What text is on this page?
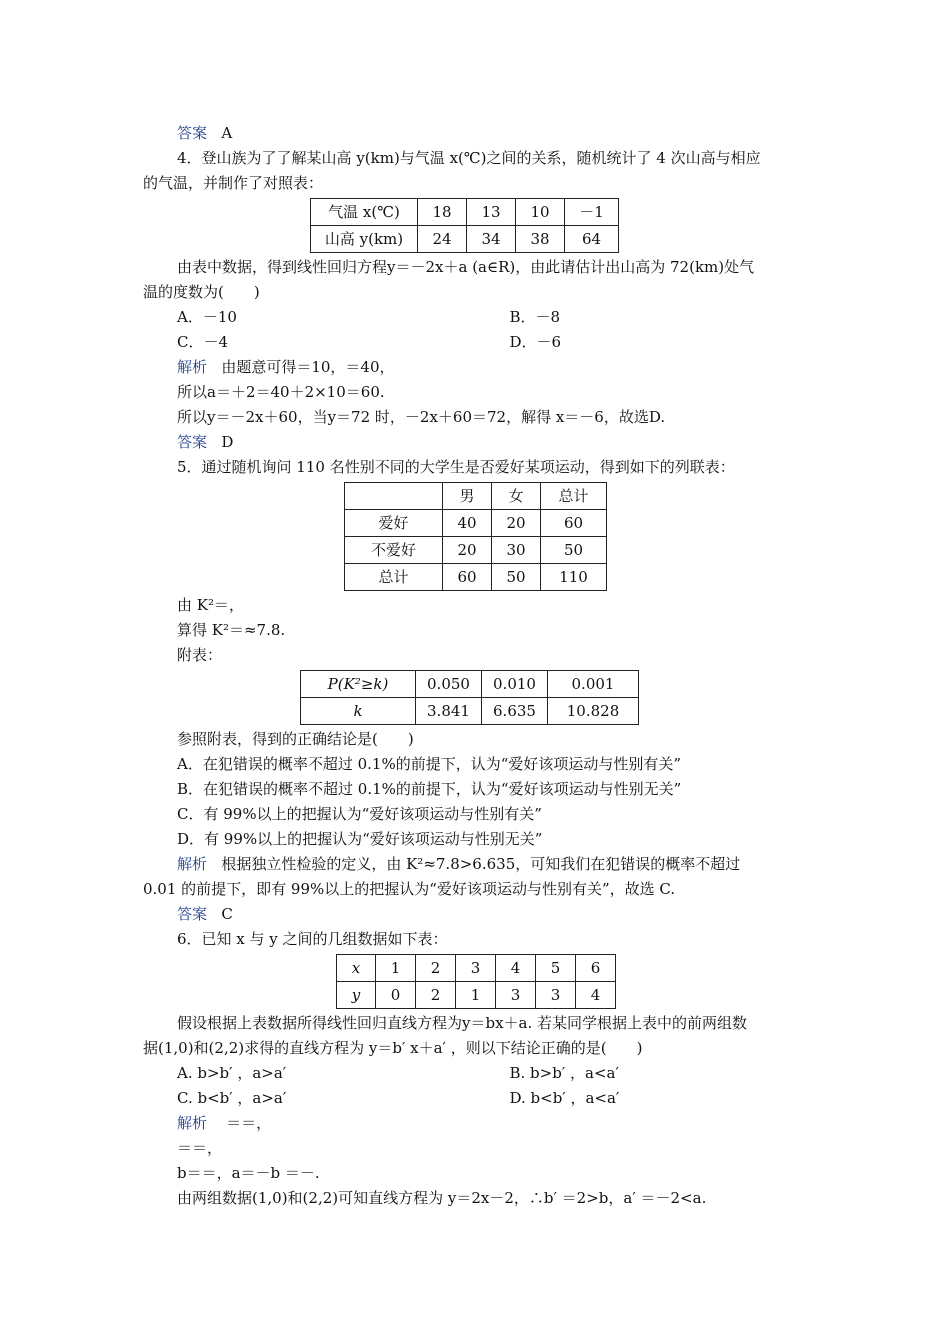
答案 A
4．登山族为了了解某山高 y(km)与气温 x(℃)之间的关系，随机统计了 4 次山高与相应
的气温，并制作了对照表：
气温 x(℃)	18	13	10	－1
山高 y(km)	24	34	38	64
由表中数据，得到线性回归方程y＝－2x＋a (a∈R)，由此请估计出山高为 72(km)处气
温的度数为(　　)
A．－10	B．－8
C．－4	D．－6
解析 由题意可得＝10，＝40，
所以a＝＋2＝40＋2×10＝60.
所以y＝－2x＋60，当y＝72 时，－2x＋60＝72，解得 x＝－6，故选D.
答案 D
5．通过随机询问 110 名性别不同的大学生是否爱好某项运动，得到如下的列联表：
	男	女	总计
爱好	40	20	60
不爱好	20	30	50
总计	60	50	110
由 K²＝，
算得 K²＝≈7.8.
附表：
P(K²≥k)	0.050	0.010	0.001
k	3.841	6.635	10.828
参照附表，得到的正确结论是(　　)
A．在犯错误的概率不超过 0.1%的前提下，认为“爱好该项运动与性别有关”
B．在犯错误的概率不超过 0.1%的前提下，认为“爱好该项运动与性别无关”
C．有 99%以上的把握认为“爱好该项运动与性别有关”
D．有 99%以上的把握认为“爱好该项运动与性别无关”
解析 根据独立性检验的定义，由 K²≈7.8>6.635，可知我们在犯错误的概率不超过
0.01 的前提下，即有 99%以上的把握认为“爱好该项运动与性别有关”，故选 C.
答案 C
6．已知 x 与 y 之间的几组数据如下表：
x	1	2	3	4	5	6
y	0	2	1	3	3	4
假设根据上表数据所得线性回归直线方程为y＝bx＋a. 若某同学根据上表中的前两组数
据(1,0)和(2,2)求得的直线方程为 y＝b′ x＋a′ ，则以下结论正确的是(　　)
A. b>b′ ，a>a′	B. b>b′ ，a<a′
C. b<b′ ，a>a′	D. b<b′ ，a<a′
解析 ＝＝，
＝＝，
b＝＝，a＝－b ＝－.
由两组数据(1,0)和(2,2)可知直线方程为 y＝2x－2，∴b′ ＝2>b，a′ ＝－2<a.
